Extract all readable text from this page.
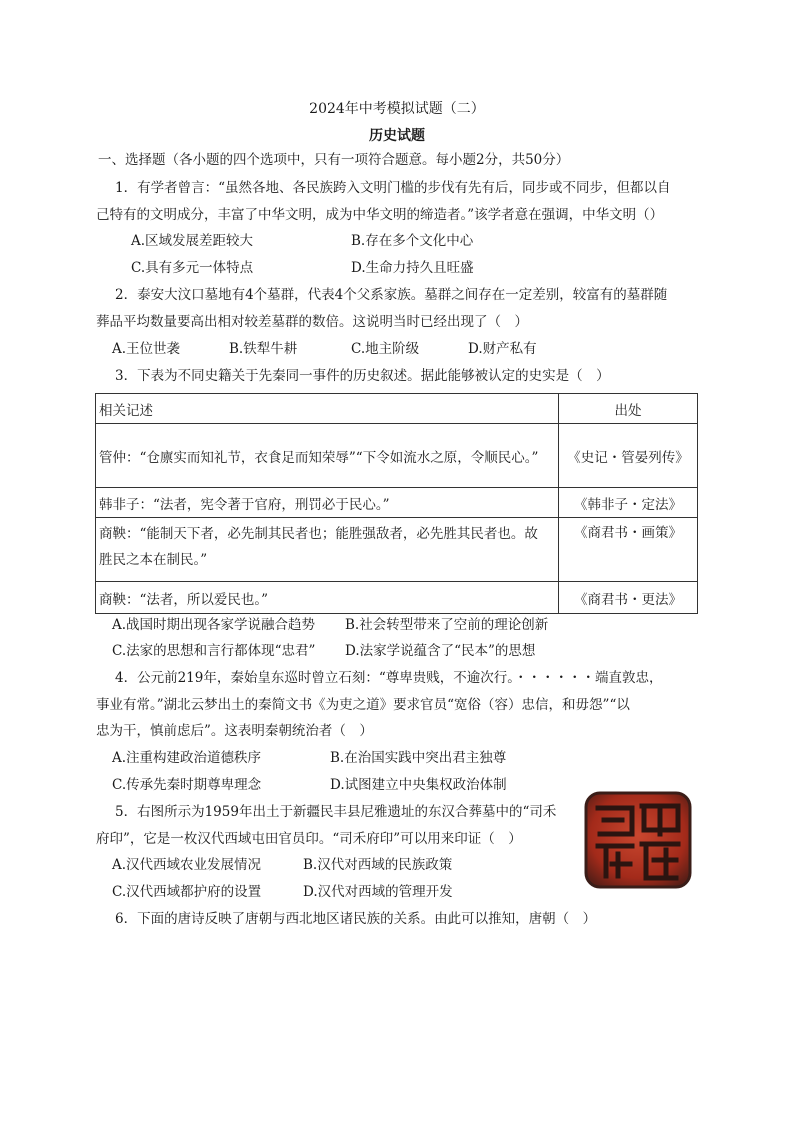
2024年中考模拟试题（二）
历史试题
一、选择题（各小题的四个选项中，只有一项符合题意。每小题2分，共50分）
1．有学者曾言：“虽然各地、各民族跨入文明门槛的步伐有先有后，同步或不同步，但都以自
己特有的文明成分，丰富了中华文明，成为中华文明的缔造者。”该学者意在强调，中华文明（）
A.区域发展差距较大	B.存在多个文化中心
C.具有多元一体特点	D.生命力持久且旺盛
2．泰安大汶口墓地有4个墓群，代表4个父系家族。墓群之间存在一定差别，较富有的墓群随
葬品平均数量要高出相对较差墓群的数倍。这说明当时已经出现了（　）
A.王位世袭	B.铁犁牛耕	C.地主阶级	D.财产私有
3．下表为不同史籍关于先秦同一事件的历史叙述。据此能够被认定的史实是（　）
相关记述	出处
管仲：“仓廪实而知礼节，衣食足而知荣辱”“下令如流水之原，令顺民心。”	《史记・管晏列传》
韩非子：“法者，宪令著于官府，刑罚必于民心。”	《韩非子・定法》

商鞅：“能制天下者，必先制其民者也；能胜强敌者，必先胜其民者也。故
胜民之本在制民。”	《商君书・画策》
商鞅：“法者，所以爱民也。”	《商君书・更法》
A.战国时期出现各家学说融合趋势 B.社会转型带来了空前的理论创新
C.法家的思想和言行都体现“忠君” D.法家学说蕴含了“民本”的思想
4．公元前219年，秦始皇东巡时曾立石刻：“尊卑贵贱，不逾次行。・・・・・・端直敦忠，
事业有常。”湖北云梦出土的秦简文书《为吏之道》要求官员“宽俗（容）忠信，和毋怨”“以
忠为干，慎前虑后”。这表明秦朝统治者（　）
A.注重构建政治道德秩序	B.在治国实践中突出君主独尊
C.传承先秦时期尊卑理念	D.试图建立中央集权政治体制
5．右图所示为1959年出土于新疆民丰县尼雅遗址的东汉合葬墓中的“司禾
府印”，它是一枚汉代西域屯田官员印。“司禾府印”可以用来印证（　）
A.汉代西域农业发展情况	B.汉代对西域的民族政策
C.汉代西域都护府的设置	D.汉代对西域的管理开发
6．下面的唐诗反映了唐朝与西北地区诸民族的关系。由此可以推知，唐朝（　）
